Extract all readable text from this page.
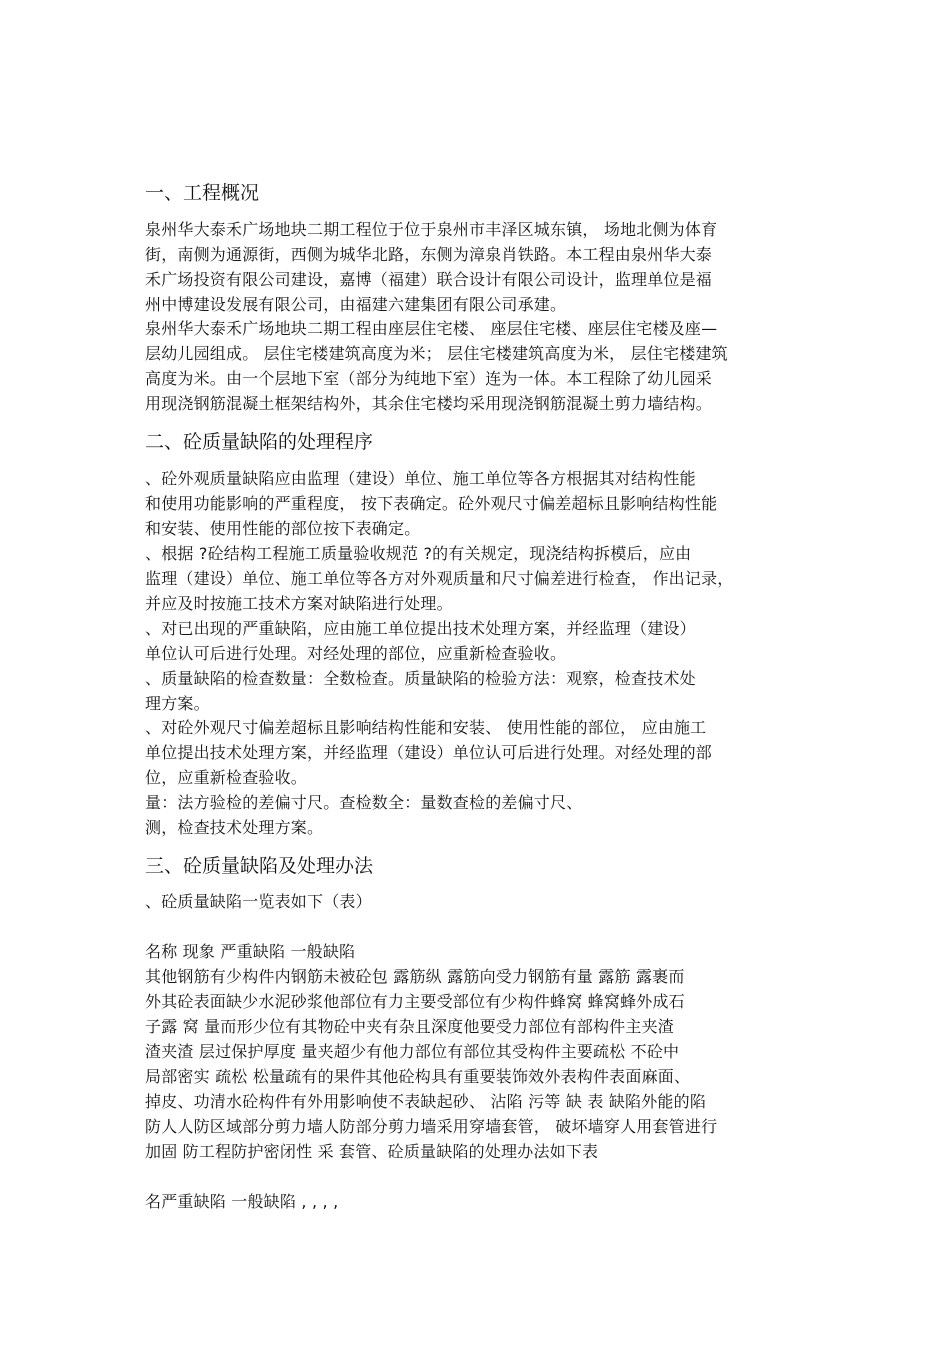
一、工程概况
泉州华大泰禾广场地块二期工程位于位于泉州市丰泽区城东镇， 场地北侧为体育
街，南侧为通源街，西侧为城华北路，东侧为漳泉肖铁路。本工程由泉州华大泰
禾广场投资有限公司建设，嘉博（福建）联合设计有限公司设计，监理单位是福
州中博建设发展有限公司，由福建六建集团有限公司承建。
泉州华大泰禾广场地块二期工程由座层住宅楼、 座层住宅楼、座层住宅楼及座—
层幼儿园组成。 层住宅楼建筑高度为米； 层住宅楼建筑高度为米， 层住宅楼建筑
高度为米。由一个层地下室（部分为纯地下室）连为一体。本工程除了幼儿园采
用现浇钢筋混凝土框架结构外，其余住宅楼均采用现浇钢筋混凝土剪力墙结构。
二、砼质量缺陷的处理程序
、砼外观质量缺陷应由监理（建设）单位、施工单位等各方根据其对结构性能
和使用功能影响的严重程度， 按下表确定。砼外观尺寸偏差超标且影响结构性能
和安装、使用性能的部位按下表确定。
、根据 ?砼结构工程施工质量验收规范 ?的有关规定，现浇结构拆模后，应由
监理（建设）单位、施工单位等各方对外观质量和尺寸偏差进行检查， 作出记录，
并应及时按施工技术方案对缺陷进行处理。
、对已出现的严重缺陷，应由施工单位提出技术处理方案，并经监理（建设）
单位认可后进行处理。对经处理的部位，应重新检查验收。
、质量缺陷的检查数量：全数检查。质量缺陷的检验方法：观察，检查技术处
理方案。
、对砼外观尺寸偏差超标且影响结构性能和安装、 使用性能的部位， 应由施工
单位提出技术处理方案，并经监理（建设）单位认可后进行处理。对经处理的部
位，应重新检查验收。
量：法方验检的差偏寸尺。查检数全：量数查检的差偏寸尺、
测，检查技术处理方案。
三、砼质量缺陷及处理办法
、砼质量缺陷一览表如下（表）
名称 现象 严重缺陷 一般缺陷
其他钢筋有少构件内钢筋未被砼包 露筋纵 露筋向受力钢筋有量 露筋 露裹而
外其砼表面缺少水泥砂浆他部位有力主要受部位有少构件蜂窝 蜂窝蜂外成石
子露 窝 量而形少位有其物砼中夹有杂且深度他要受力部位有部构件主夹渣
渣夹渣 层过保护厚度 量夹超少有他力部位有部位其受构件主要疏松 不砼中
局部密实 疏松 松量疏有的果件其他砼构具有重要装饰效外表构件表面麻面、
掉皮、功清水砼构件有外用影响使不表缺起砂、 沾陷 污等 缺 表 缺陷外能的陷
防人人防区域部分剪力墙人防部分剪力墙采用穿墙套管， 破坏墙穿人用套管进行
加固 防工程防护密闭性 采 套管、砼质量缺陷的处理办法如下表
名严重缺陷 一般缺陷 , , , ,
